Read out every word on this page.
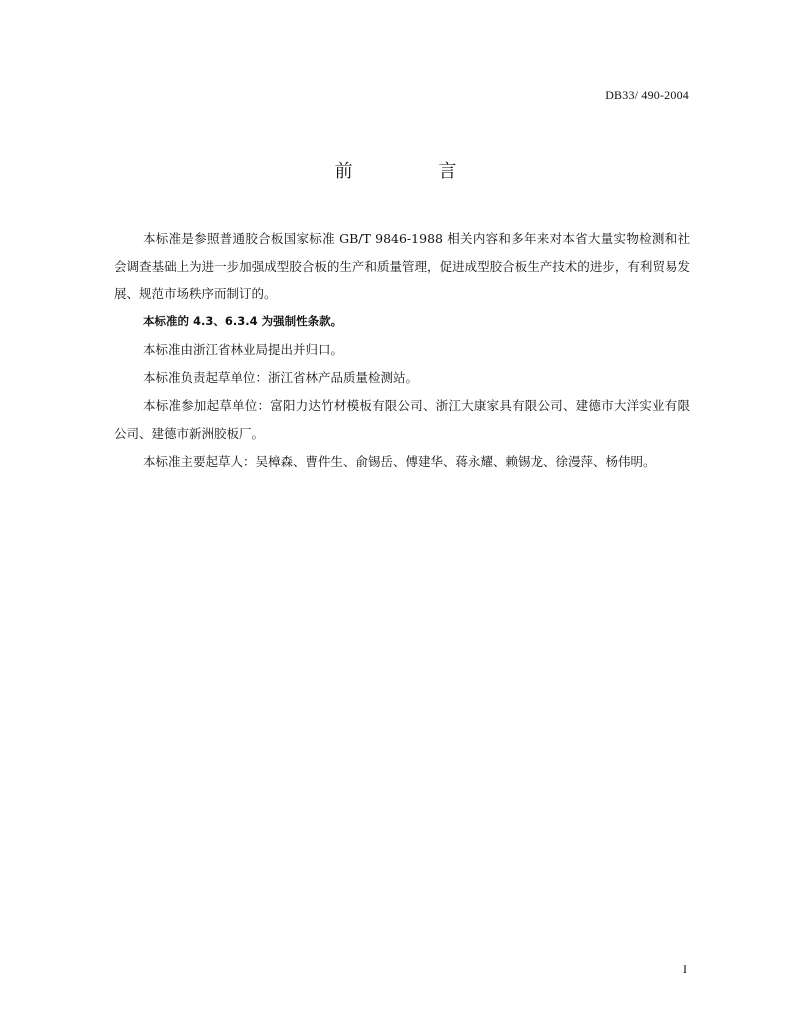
DB33/ 490-2004
前 言

本标准是参照普通胶合板国家标准 GB/T 9846-1988 相关内容和多年来对本省大量实物检测和社会调查基础上为进一步加强成型胶合板的生产和质量管理，促进成型胶合板生产技术的进步，有利贸易发展、规范市场秩序而制订的。

本标准的 4.3、6.3.4 为强制性条款。

本标准由浙江省林业局提出并归口。

本标准负责起草单位：浙江省林产品质量检测站。

本标准参加起草单位：富阳力达竹材模板有限公司、浙江大康家具有限公司、建德市大洋实业有限公司、建德市新洲胶板厂。

本标准主要起草人：吴樟森、曹件生、俞锡岳、傅建华、蒋永耀、赖锡龙、徐漫萍、杨伟明。

I
